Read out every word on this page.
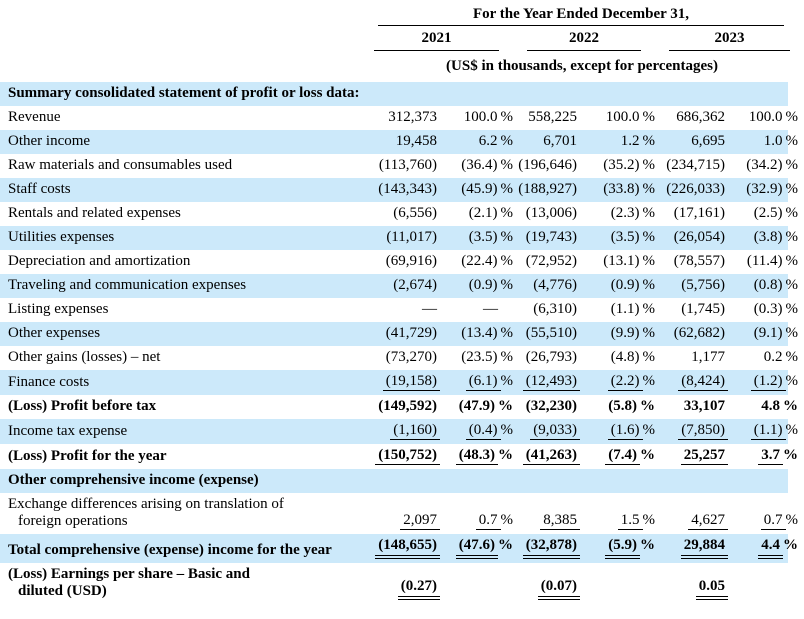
	For the Year Ended December 31,					

	2021		2022		2023	

	(US$ in thousands, except for percentages)					
Summary consolidated statement of profit or loss data:						
Revenue	312,373	100.0 %	558,225	100.0 %	686,362	100.0 %
Other income	19,458	6.2 %	6,701	1.2 %	6,695	1.0 %
Raw materials and consumables used	(113,760)	(36.4) %	(196,646)	(35.2) %	(234,715)	(34.2) %
Staff costs	(143,343)	(45.9) %	(188,927)	(33.8) %	(226,033)	(32.9) %
Rentals and related expenses	(6,556)	(2.1) %	(13,006)	(2.3) %	(17,161)	(2.5) %
Utilities expenses	(11,017)	(3.5) %	(19,743)	(3.5) %	(26,054)	(3.8) %
Depreciation and amortization	(69,916)	(22.4) %	(72,952)	(13.1) %	(78,557)	(11.4) %
Traveling and communication expenses	(2,674)	(0.9) %	(4,776)	(0.9) %	(5,756)	(0.8) %
Listing expenses	—	—	(6,310)	(1.1) %	(1,745)	(0.3) %
Other expenses	(41,729)	(13.4) %	(55,510)	(9.9) %	(62,682)	(9.1) %
Other gains (losses) – net	(73,270)	(23.5) %	(26,793)	(4.8) %	1,177	0.2 %
Finance costs	(19,158)	(6.1) %	(12,493)	(2.2) %	(8,424)	(1.2) %
(Loss) Profit before tax	(149,592)	(47.9) %	(32,230)	(5.8) %	33,107	4.8 %
Income tax expense	(1,160)	(0.4) %	(9,033)	(1.6) %	(7,850)	(1.1) %
(Loss) Profit for the year	(150,752)	(48.3) %	(41,263)	(7.4) %	25,257	3.7 %
Other comprehensive income (expense)						

Exchange differences arising on translation of
foreign operations	2,097	0.7 %	8,385	1.5 %	4,627	0.7 %
Total comprehensive (expense) income for the year	(148,655)	(47.6) %	(32,878)	(5.9) %	29,884	4.4 %

(Loss) Earnings per share – Basic and
diluted (USD)	(0.27)		(0.07)		0.05	
